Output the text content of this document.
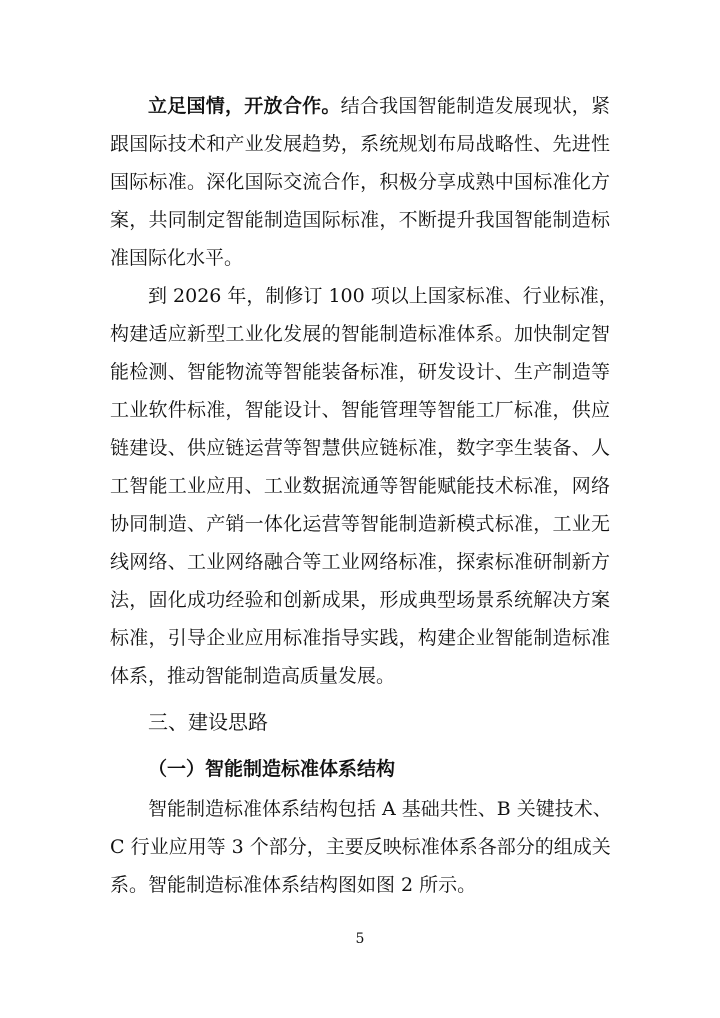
立足国情，开放合作。结合我国智能制造发展现状，紧
跟国际技术和产业发展趋势，系统规划布局战略性、先进性
国际标准。深化国际交流合作，积极分享成熟中国标准化方
案，共同制定智能制造国际标准，不断提升我国智能制造标
准国际化水平。
到 2026 年，制修订 100 项以上国家标准、行业标准，
构建适应新型工业化发展的智能制造标准体系。加快制定智
能检测、智能物流等智能装备标准，研发设计、生产制造等
工业软件标准，智能设计、智能管理等智能工厂标准，供应
链建设、供应链运营等智慧供应链标准，数字孪生装备、人
工智能工业应用、工业数据流通等智能赋能技术标准，网络
协同制造、产销一体化运营等智能制造新模式标准，工业无
线网络、工业网络融合等工业网络标准，探索标准研制新方
法，固化成功经验和创新成果，形成典型场景系统解决方案
标准，引导企业应用标准指导实践，构建企业智能制造标准
体系，推动智能制造高质量发展。
三、建设思路
（一）智能制造标准体系结构
智能制造标准体系结构包括 A 基础共性、B 关键技术、
C 行业应用等 3 个部分，主要反映标准体系各部分的组成关
系。智能制造标准体系结构图如图 2 所示。
5
